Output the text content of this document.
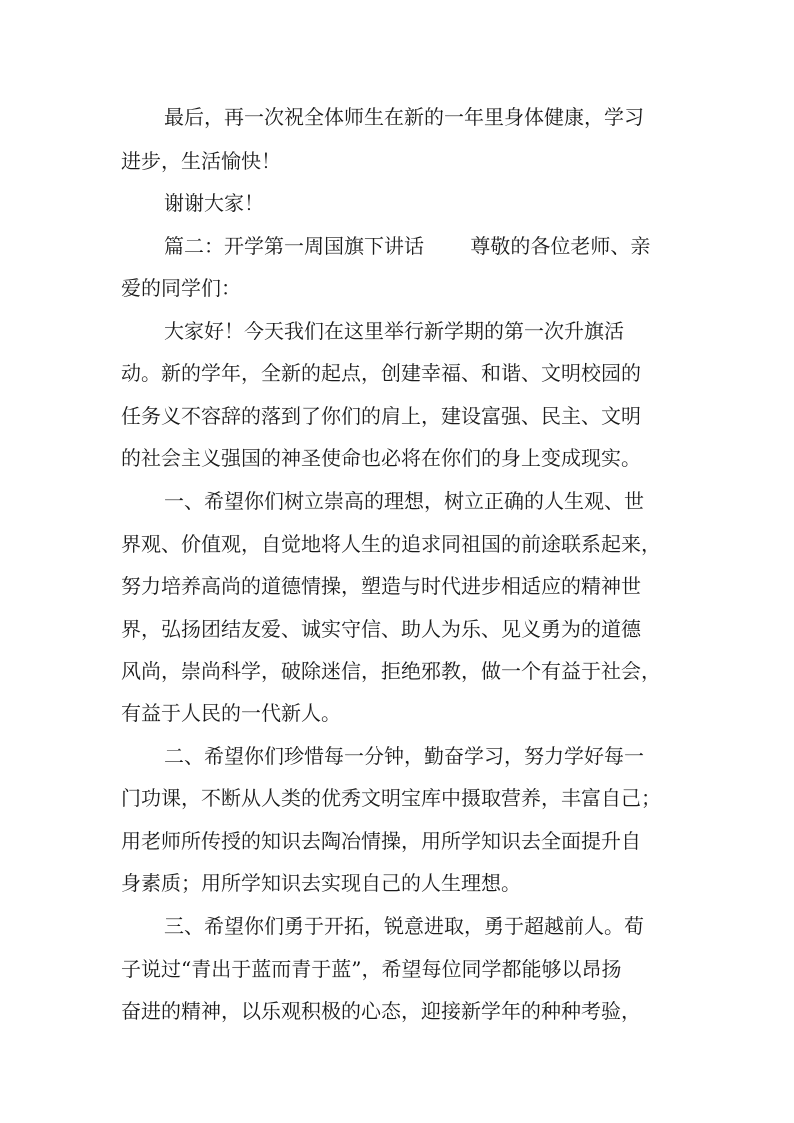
最后，再一次祝全体师生在新的一年里身体健康，学习

进步，生活愉快！

谢谢大家！

篇二：开学第一周国旗下讲话 　　尊敬的各位老师、亲

爱的同学们：

大家好！今天我们在这里举行新学期的第一次升旗活

动。新的学年，全新的起点，创建幸福、和谐、文明校园的

任务义不容辞的落到了你们的肩上，建设富强、民主、文明

的社会主义强国的神圣使命也必将在你们的身上变成现实。

一、希望你们树立崇高的理想，树立正确的人生观、世

界观、价值观，自觉地将人生的追求同祖国的前途联系起来，

努力培养高尚的道德情操，塑造与时代进步相适应的精神世

界，弘扬团结友爱、诚实守信、助人为乐、见义勇为的道德

风尚，崇尚科学，破除迷信，拒绝邪教，做一个有益于社会，

有益于人民的一代新人。

二、希望你们珍惜每一分钟，勤奋学习，努力学好每一

门功课，不断从人类的优秀文明宝库中摄取营养，丰富自己；

用老师所传授的知识去陶冶情操，用所学知识去全面提升自

身素质；用所学知识去实现自己的人生理想。

三、希望你们勇于开拓，锐意进取，勇于超越前人。荀

子说过“青出于蓝而青于蓝”，希望每位同学都能够以昂扬

奋进的精神，以乐观积极的心态，迎接新学年的种种考验，
